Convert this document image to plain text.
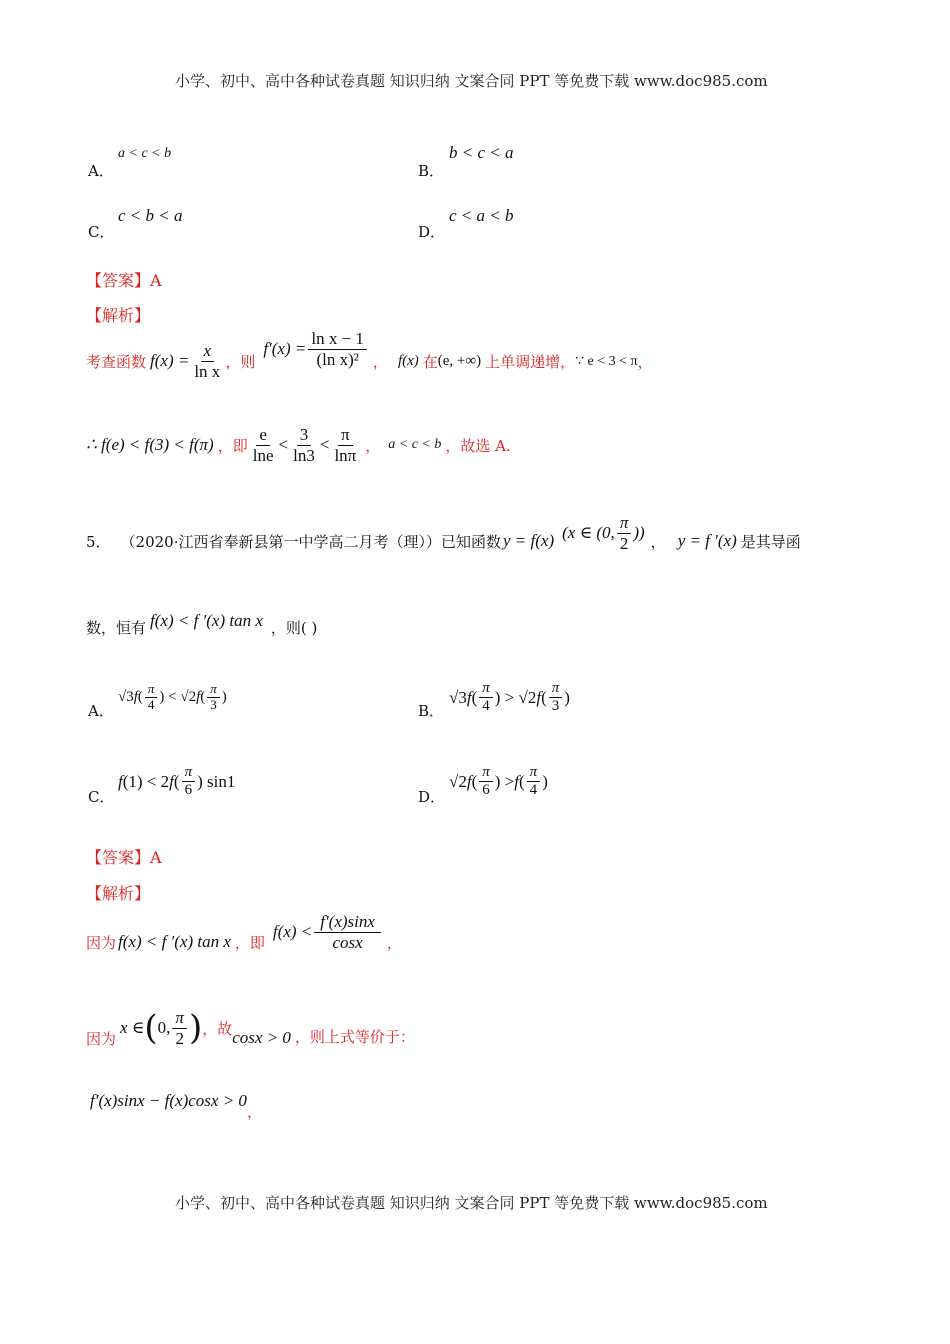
小学、初中、高中各种试卷真题 知识归纳 文案合同 PPT 等免费下载 www.doc985.com
A．
a < c < b
B．
b < c < a
C．
c < b < a
D．
c < a < b
【答案】A
【解析】
考查函数 $f(x) = \frac{x}{\text{ln x}}$ ，则
$f'(x) = \frac{\text{ln x − 1}}{\text{(ln x)²}}$ ， f(x) 在 (e, +∞) 上单调递增， ∵ e < 3 < π ，
∴ f(e) < f(3) < f(π) ，即 $\frac{e}{\ln e} < \frac{3}{\ln 3} < \frac{\pi}{\ln\pi}$ ， a < c < b ，故选 A.
5． （2020·江西省奉新县第一中学高二月考（理））已知函数 y = f(x) (x ∈ (0, $\frac{\pi}{2}$ )) ， y = f ′(x) 是其导函
数，恒有 f(x) < f ′(x) tan x ，则( )
A．
√3 f ( $\frac{\pi}{4}$ ) < √2 f ( $\frac{\pi}{3}$ )
B．
√3 f ( $\frac{\pi}{4}$ ) > √2 f ( $\frac{\pi}{3}$ )
C．
f (1) < 2 f ( $\frac{\pi}{6}$ ) sin1
D．
√2 f ( $\frac{\pi}{6}$ ) > f ( $\frac{\pi}{4}$ )
【答案】A
【解析】
因为 f(x) < f ′(x) tan x ，即
$f(x) < \frac{f'(x)\sin x}{\cos x}$ ，
因为
x ∈ ( 0, $\frac{\pi}{2}$ ) ，故 cosx > 0 ，则上式等价于：
f′(x)sinx − f(x)cosx > 0
，
小学、初中、高中各种试卷真题 知识归纳 文案合同 PPT 等免费下载 www.doc985.com
